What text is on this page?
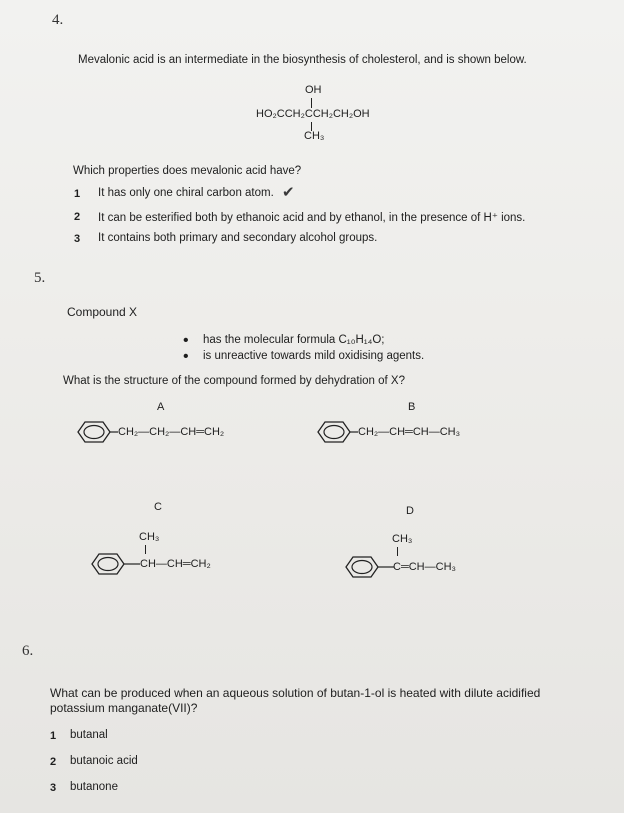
4.
Mevalonic acid is an intermediate in the biosynthesis of cholesterol, and is shown below.
OH
HO₂CCH₂CCH₂CH₂OH
CH₃
Which properties does mevalonic acid have?
1 It has only one chiral carbon atom. ✔
2 It can be esterified both by ethanoic acid and by ethanol, in the presence of H⁺ ions.
3 It contains both primary and secondary alcohol groups.
5.
Compound X
• has the molecular formula C₁₀H₁₄O;
• is unreactive towards mild oxidising agents.
What is the structure of the compound formed by dehydration of X?
A
CH₂—CH₂—CH═CH₂
B
CH₂—CH═CH—CH₃
C
CH₃
CH—CH═CH₂
D
CH₃
C═CH—CH₃
6.
What can be produced when an aqueous solution of butan-1-ol is heated with dilute acidified
potassium manganate(VII)?
1 butanal
2 butanoic acid
3 butanone
